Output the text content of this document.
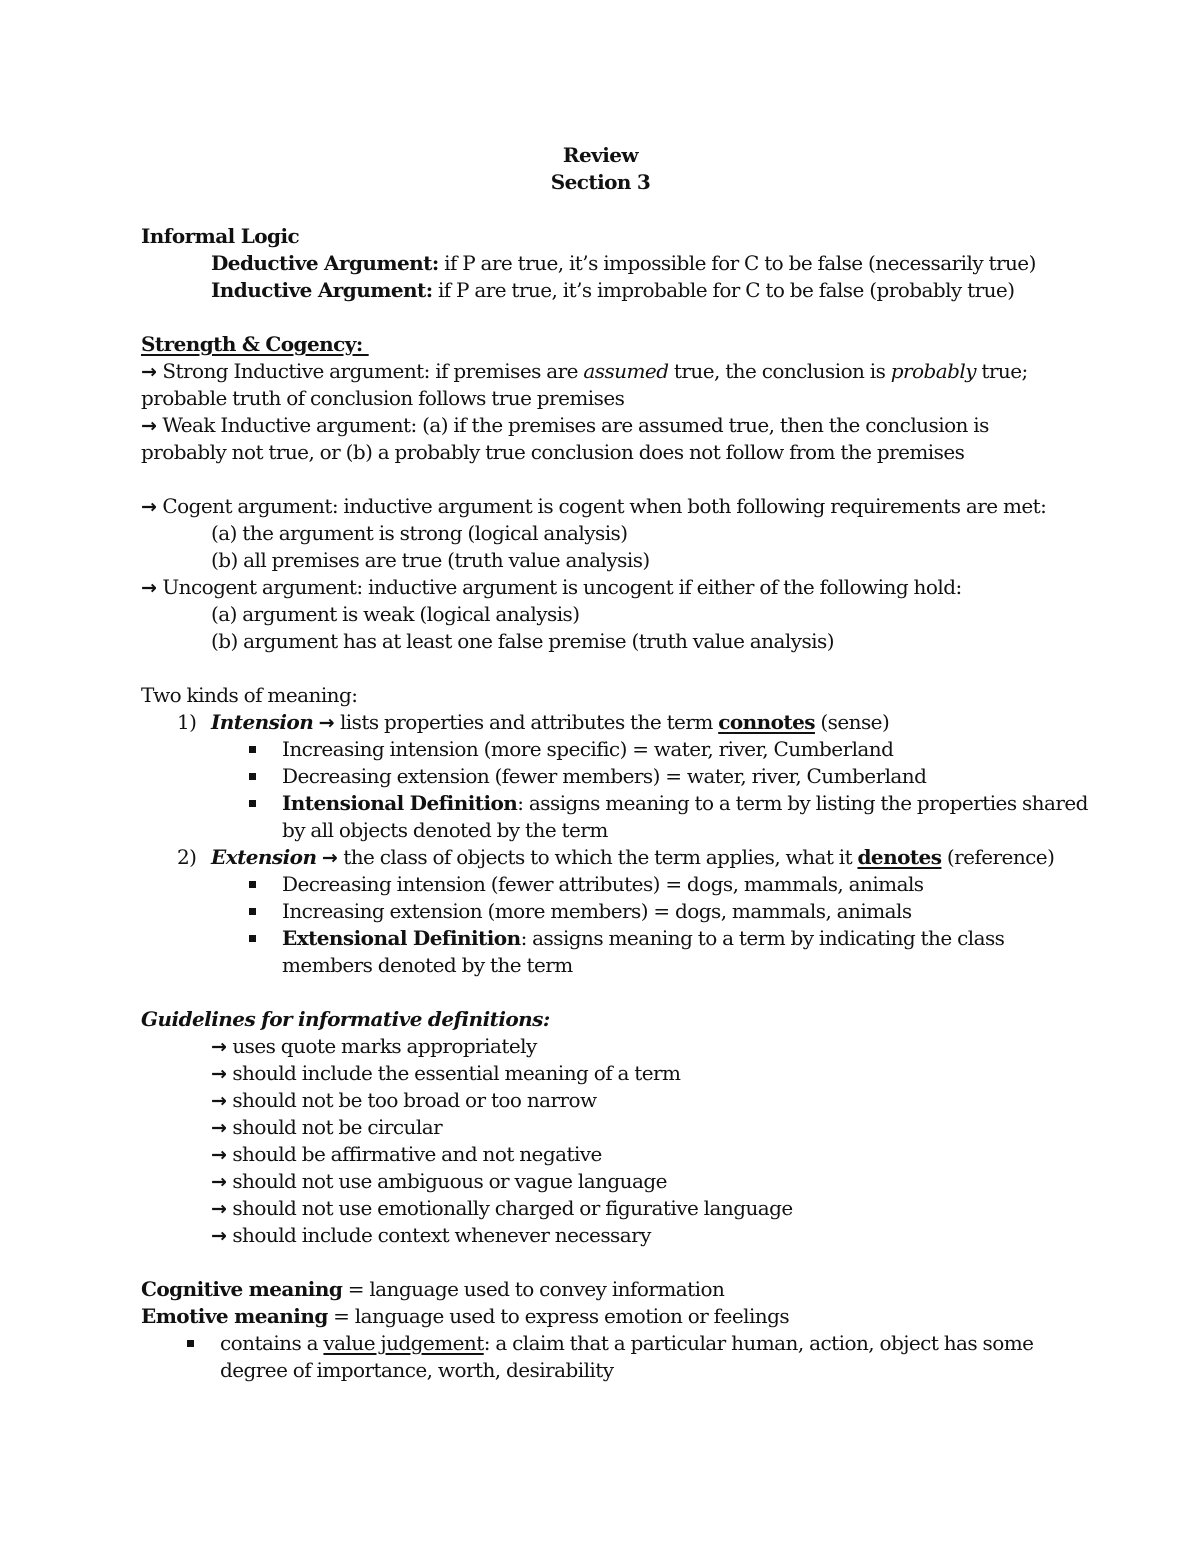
Review
Section 3
Informal Logic
Deductive Argument: if P are true, it’s impossible for C to be false (necessarily true)
Inductive Argument: if P are true, it’s improbable for C to be false (probably true)
Strength & Cogency:
→ Strong Inductive argument: if premises are assumed true, the conclusion is probably true;
probable truth of conclusion follows true premises
→ Weak Inductive argument: (a) if the premises are assumed true, then the conclusion is
probably not true, or (b) a probably true conclusion does not follow from the premises
→ Cogent argument: inductive argument is cogent when both following requirements are met:
(a) the argument is strong (logical analysis)
(b) all premises are true (truth value analysis)
→ Uncogent argument: inductive argument is uncogent if either of the following hold:
(a) argument is weak (logical analysis)
(b) argument has at least one false premise (truth value analysis)
Two kinds of meaning:
1) Intension → lists properties and attributes the term connotes (sense)
Increasing intension (more specific) = water, river, Cumberland
Decreasing extension (fewer members) = water, river, Cumberland
Intensional Definition: assigns meaning to a term by listing the properties shared
by all objects denoted by the term
2) Extension → the class of objects to which the term applies, what it denotes (reference)
Decreasing intension (fewer attributes) = dogs, mammals, animals
Increasing extension (more members) = dogs, mammals, animals
Extensional Definition: assigns meaning to a term by indicating the class
members denoted by the term
Guidelines for informative definitions:
→ uses quote marks appropriately
→ should include the essential meaning of a term
→ should not be too broad or too narrow
→ should not be circular
→ should be affirmative and not negative
→ should not use ambiguous or vague language
→ should not use emotionally charged or figurative language
→ should include context whenever necessary
Cognitive meaning = language used to convey information
Emotive meaning = language used to express emotion or feelings
contains a value judgement: a claim that a particular human, action, object has some
degree of importance, worth, desirability
